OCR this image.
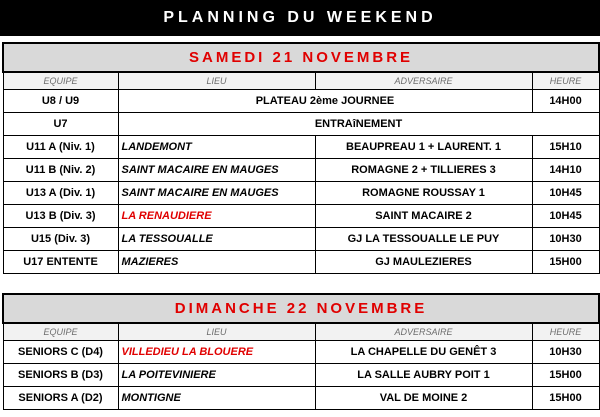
PLANNING DU WEEKEND
SAMEDI 21 NOVEMBRE			
EQUIPE	LIEU	ADVERSAIRE	HEURE
U8 / U9	PLATEAU 2ème JOURNEE		14H00
U7	ENTRAîNEMENT		
U11 A (Niv. 1)	LANDEMONT	BEAUPREAU 1 + LAURENT. 1	15H10
U11 B (Niv. 2)	SAINT MACAIRE EN MAUGES	ROMAGNE 2 + TILLIERES 3	14H10
U13 A (Div. 1)	SAINT MACAIRE EN MAUGES	ROMAGNE ROUSSAY 1	10H45
U13 B (Div. 3)	LA RENAUDIERE	SAINT MACAIRE 2	10H45
U15 (Div. 3)	LA TESSOUALLE	GJ LA TESSOUALLE LE PUY	10H30
U17 ENTENTE	MAZIERES	GJ MAULEZIERES	15H00
DIMANCHE 22 NOVEMBRE			
EQUIPE	LIEU	ADVERSAIRE	HEURE
SENIORS C (D4)	VILLEDIEU LA BLOUERE	LA CHAPELLE DU GENÊT 3	10H30
SENIORS B (D3)	LA POITEVINIERE	LA SALLE AUBRY POIT 1	15H00
SENIORS A (D2)	MONTIGNE	VAL DE MOINE 2	15H00
